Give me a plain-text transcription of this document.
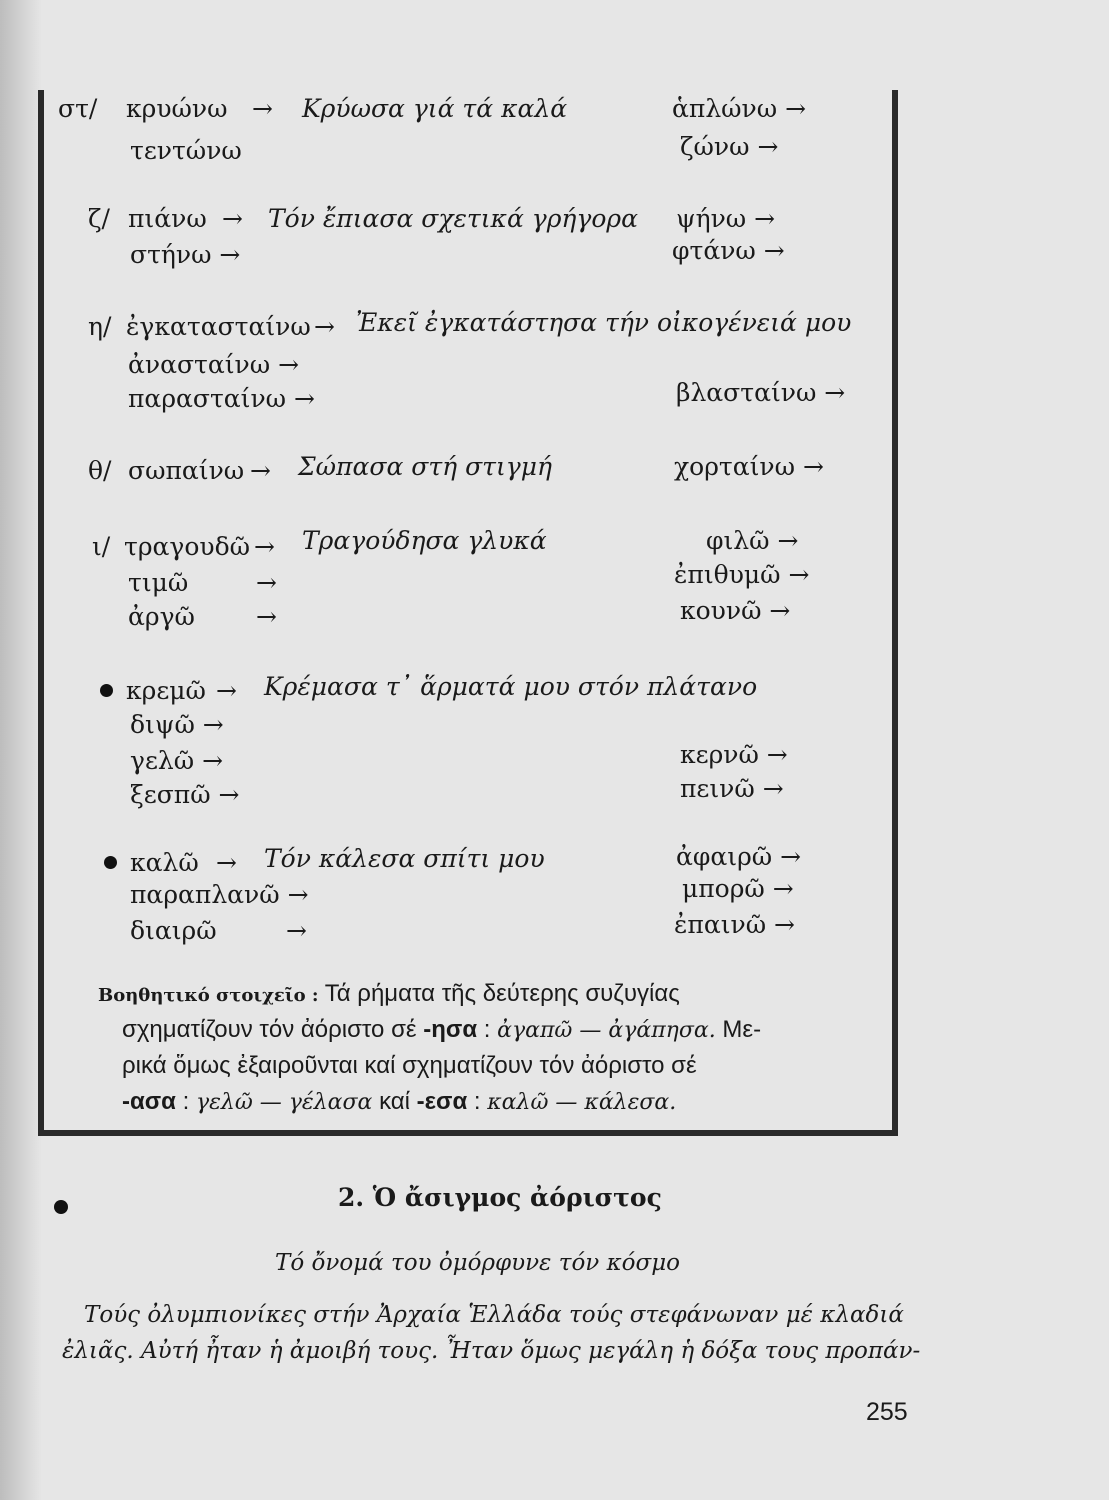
στ/ κρυώνω → Κρύωσα γιά τά καλά	ἁπλώνω →
τεντώνω	ζώνω →
ζ/ πιάνω → Τόν ἔπιασα σχετικά γρήγορα ψήνω →
στήνω →	φτάνω →
η/ ἐγκατασταίνω → Ἐκεῖ ἐγκατάστησα τήν οἰκογένειά μου
ἀνασταίνω →
παρασταίνω →	βλασταίνω →
θ/ σωπαίνω → Σώπασα στή στιγμή	χορταίνω →
ι/ τραγουδῶ → Τραγούδησα γλυκά	φιλῶ →
τιμῶ	→	ἐπιθυμῶ →
ἀργῶ →	κουνῶ →
κρεμῶ → Κρέμασα τ᾽ ἅρματά μου στόν πλάτανο
διψῶ →
γελῶ →	κερνῶ →
ξεσπῶ →	πεινῶ →
καλῶ → Τόν κάλεσα σπίτι μου	ἀφαιρῶ →
παραπλανῶ →	μπορῶ →
διαιρῶ	→	ἐπαινῶ →
Βοηθητικό στοιχεῖο : Τά ρήματα τῆς δεύτερης συζυγίας
σχηματίζουν τόν ἀόριστο σέ -ησα : ἀγαπῶ — ἀγάπησα. Με-
ρικά ὅμως ἐξαιροῦνται καί σχηματίζουν τόν ἀόριστο σέ
-ασα : γελῶ — γέλασα καί -εσα : καλῶ — κάλεσα.
2. Ὁ ἄσιγμος ἀόριστος
Τό ὄνομά του ὀμόρφυνε τόν κόσμο
Τούς ὀλυμπιονίκες στήν Ἀρχαία Ἑλλάδα τούς στεφάνωναν μέ κλαδιά
ἐλιᾶς. Αὐτή ἦταν ἡ ἀμοιβή τους. Ἦταν ὅμως μεγάλη ἡ δόξα τους προπάν-
255
